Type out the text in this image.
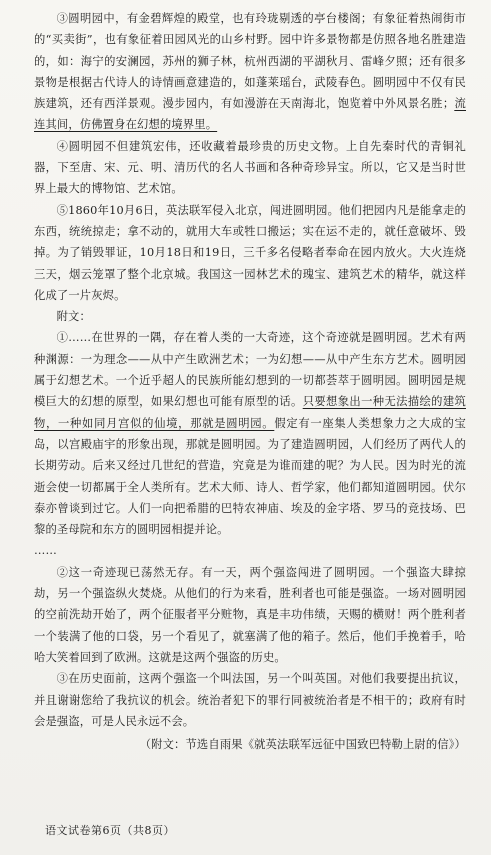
③圆明园中，有金碧辉煌的殿堂，也有玲珑剔透的亭台楼阁；有象征着热闹街市的“买卖街”，也有象征着田园风光的山乡村野。园中许多景物都是仿照各地名胜建造的，如：海宁的安澜园，苏州的狮子林，杭州西湖的平湖秋月、雷峰夕照；还有很多景物是根据古代诗人的诗情画意建造的，如蓬莱瑶台，武陵春色。圆明园中不仅有民族建筑，还有西洋景观。漫步园内，有如漫游在天南海北，饱览着中外风景名胜；流连其间，仿佛置身在幻想的境界里。

④圆明园不但建筑宏伟，还收藏着最珍贵的历史文物。上自先秦时代的青铜礼器，下至唐、宋、元、明、清历代的名人书画和各种奇珍异宝。所以，它又是当时世界上最大的博物馆、艺术馆。

⑤1860年10月6日，英法联军侵入北京，闯进圆明园。他们把园内凡是能拿走的东西，统统掠走；拿不动的，就用大车或牲口搬运；实在运不走的，就任意破坏、毁掉。为了销毁罪证，10月18日和19日，三千多名侵略者奉命在园内放火。大火连烧三天，烟云笼罩了整个北京城。我国这一园林艺术的瑰宝、建筑艺术的精华，就这样化成了一片灰烬。

附文：

①……在世界的一隅，存在着人类的一大奇迹，这个奇迹就是圆明园。艺术有两种渊源：一为理念——从中产生欧洲艺术；一为幻想——从中产生东方艺术。圆明园属于幻想艺术。一个近乎超人的民族所能幻想到的一切都荟萃于圆明园。圆明园是规模巨大的幻想的原型，如果幻想也可能有原型的话。只要想象出一种无法描绘的建筑物，一种如同月宫似的仙境，那就是圆明园。假定有一座集人类想象力之大成的宝岛，以宫殿庙宇的形象出现，那就是圆明园。为了建造圆明园，人们经历了两代人的长期劳动。后来又经过几世纪的营造，究竟是为谁而建的呢？为人民。因为时光的流逝会使一切都属于全人类所有。艺术大师、诗人、哲学家，他们都知道圆明园。伏尔泰亦曾谈到过它。人们一向把希腊的巴特农神庙、埃及的金字塔、罗马的竞技场、巴黎的圣母院和东方的圆明园相提并论。

……

②这一奇迹现已荡然无存。有一天，两个强盗闯进了圆明园。一个强盗大肆掠劫，另一个强盗纵火焚烧。从他们的行为来看，胜利者也可能是强盗。一场对圆明园的空前洗劫开始了，两个征服者平分赃物，真是丰功伟绩，天赐的横财！两个胜利者一个装满了他的口袋，另一个看见了，就塞满了他的箱子。然后，他们手挽着手，哈哈大笑着回到了欧洲。这就是这两个强盗的历史。

③在历史面前，这两个强盗一个叫法国，另一个叫英国。对他们我要提出抗议，并且谢谢您给了我抗议的机会。统治者犯下的罪行同被统治者是不相干的；政府有时会是强盗，可是人民永远不会。

（附文：节选自雨果《就英法联军远征中国致巴特勒上尉的信》）

语文试卷第6页（共8页）
